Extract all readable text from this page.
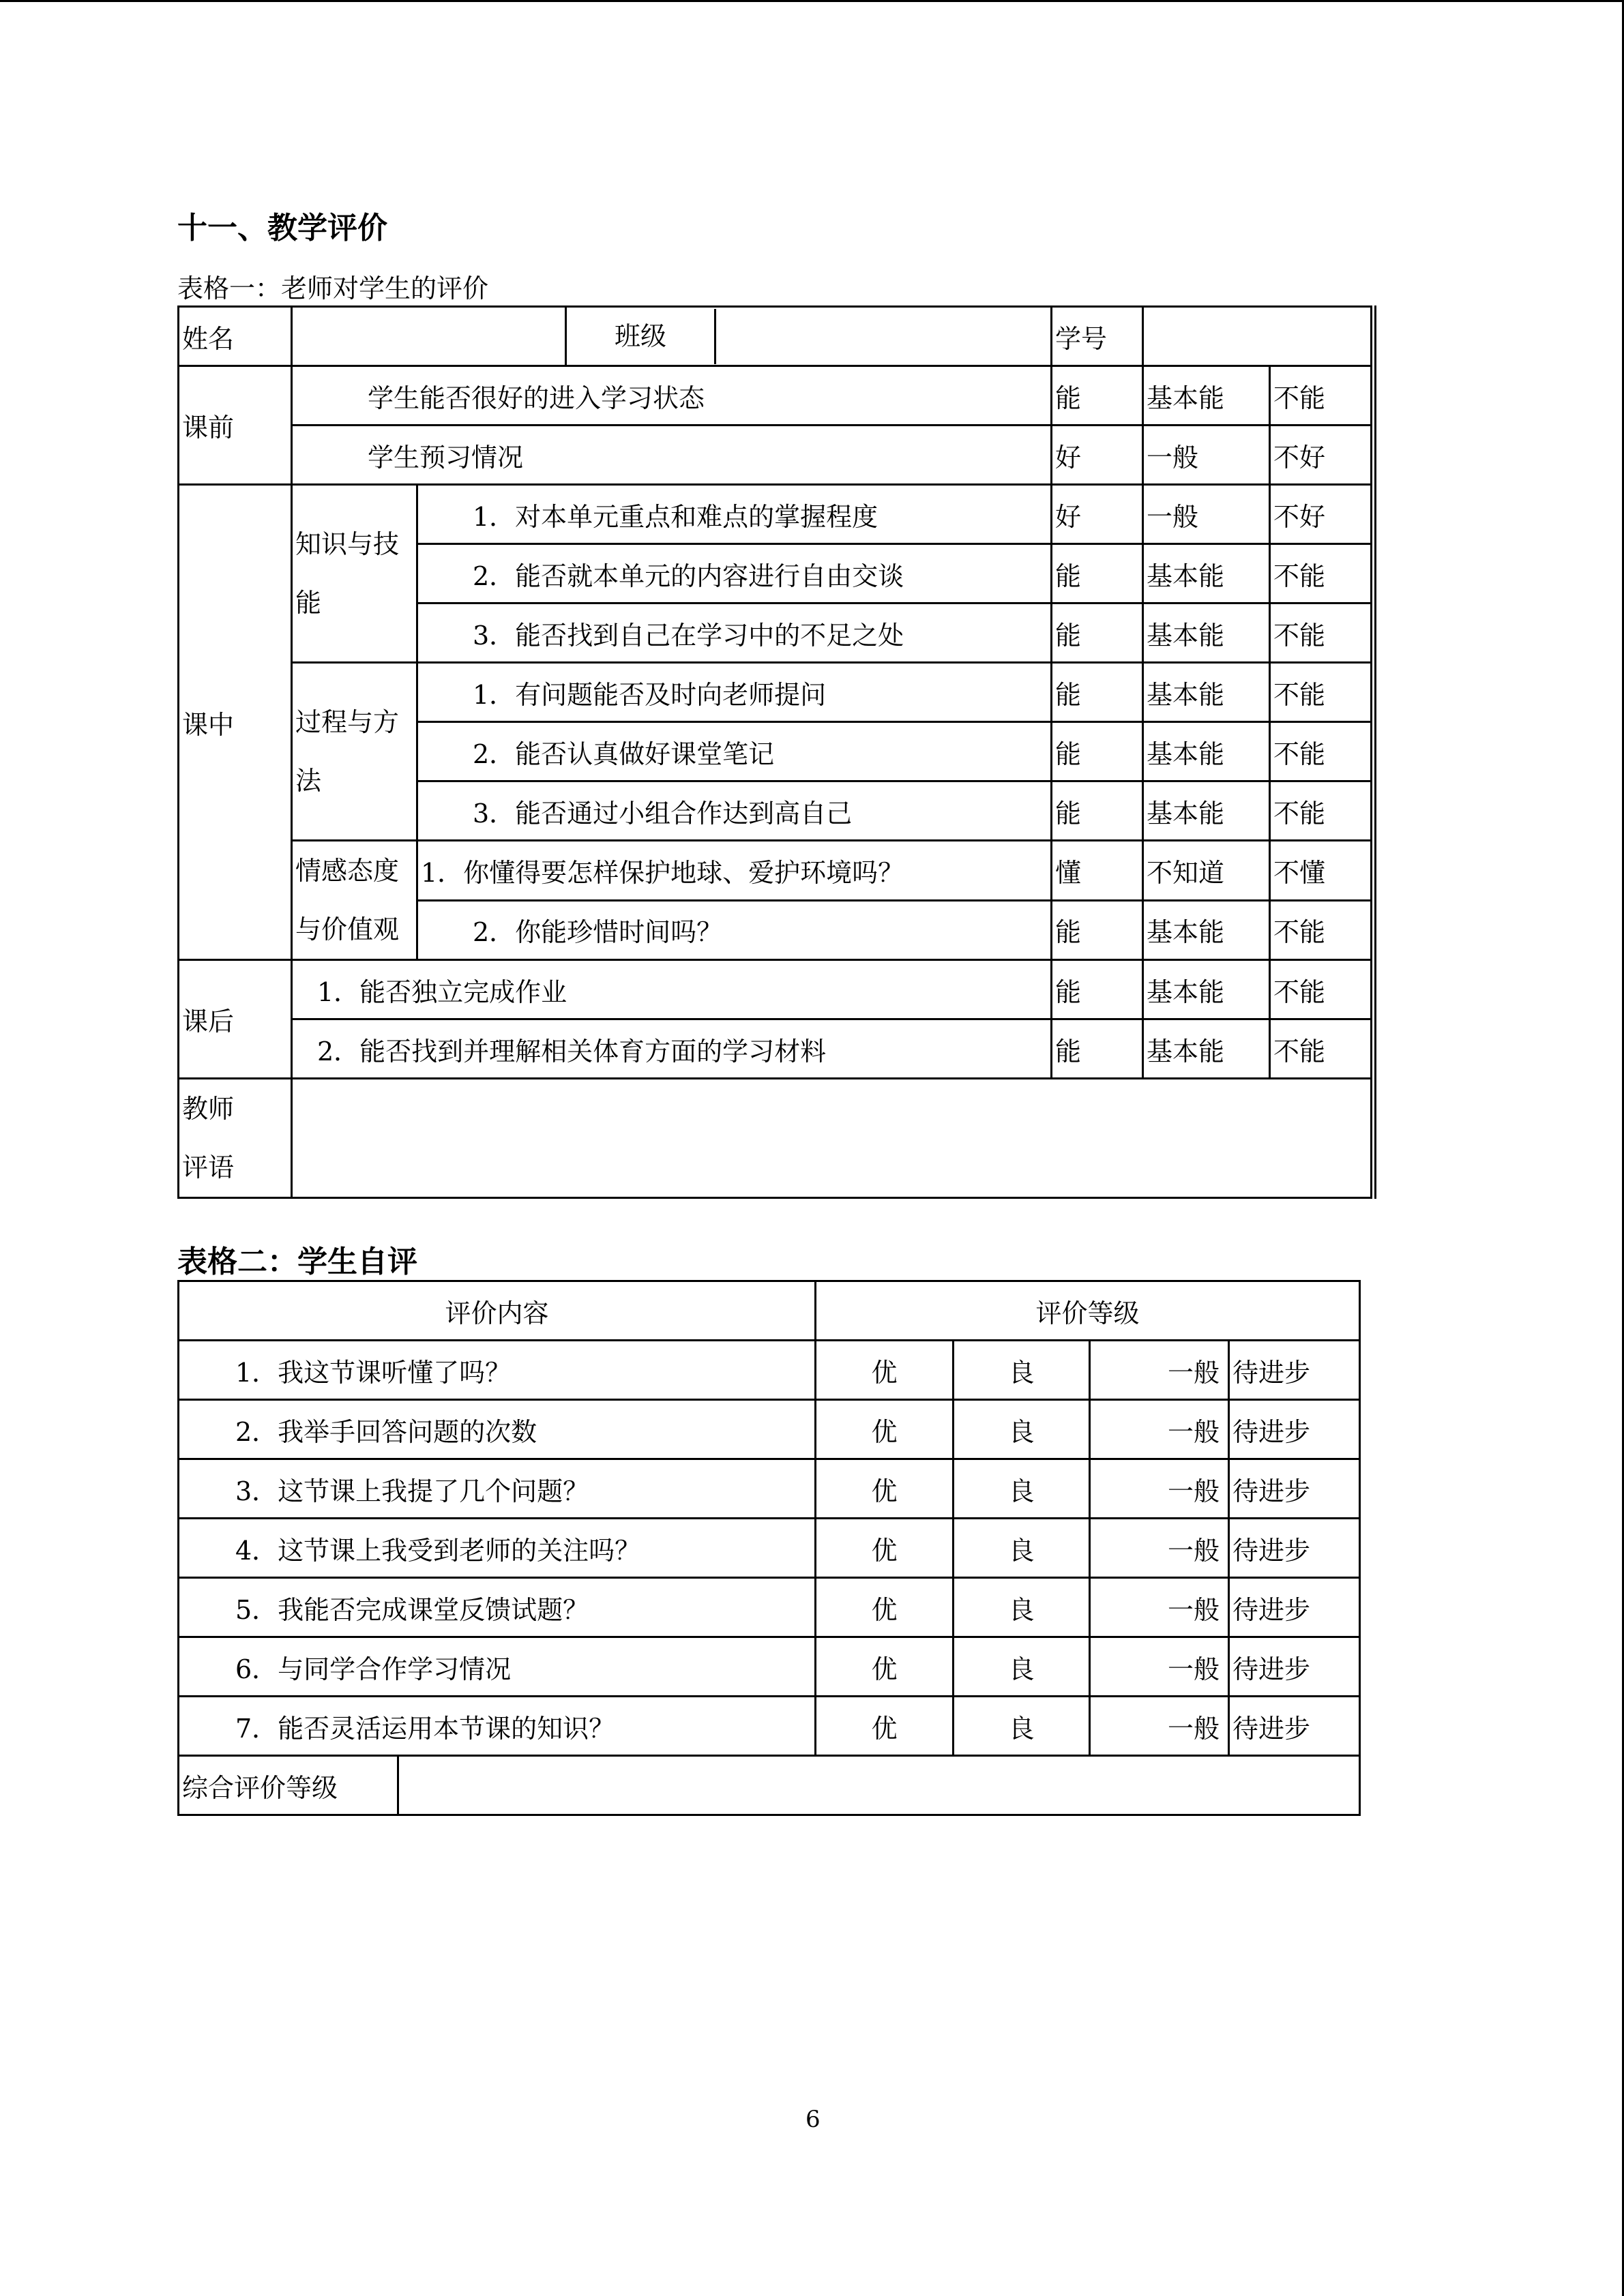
十一、教学评价
表格一：老师对学生的评价
姓名			班级	学号		
课前	学生能否很好的进入学习状态			能	基本能	不能
	学生预习情况			好	一般	不好
课中	知识与技能	1．对本单元重点和难点的掌握程度		好	一般	不好
		2．能否就本单元的内容进行自由交谈		能	基本能	不能
		3．能否找到自己在学习中的不足之处		能	基本能	不能
	过程与方法	1．有问题能否及时向老师提问		能	基本能	不能
		2．能否认真做好课堂笔记		能	基本能	不能
		3．能否通过小组合作达到高自己		能	基本能	不能
	情感态度与价值观	1．你懂得要怎样保护地球、爱护环境吗？		懂	不知道	不懂
		2．你能珍惜时间吗？		能	基本能	不能
课后	1．能否独立完成作业			能	基本能	不能
	2．能否找到并理解相关体育方面的学习材料			能	基本能	不能

教师评语						

表格二：学生自评
评价内容		评价等级			
1．我这节课听懂了吗？		优	良	一般	待进步
2．我举手回答问题的次数		优	良	一般	待进步
3．这节课上我提了几个问题？		优	良	一般	待进步
4．这节课上我受到老师的关注吗？		优	良	一般	待进步
5．我能否完成课堂反馈试题？		优	良	一般	待进步
6．与同学合作学习情况		优	良	一般	待进步
7．能否灵活运用本节课的知识？		优	良	一般	待进步
综合评价等级					
6
